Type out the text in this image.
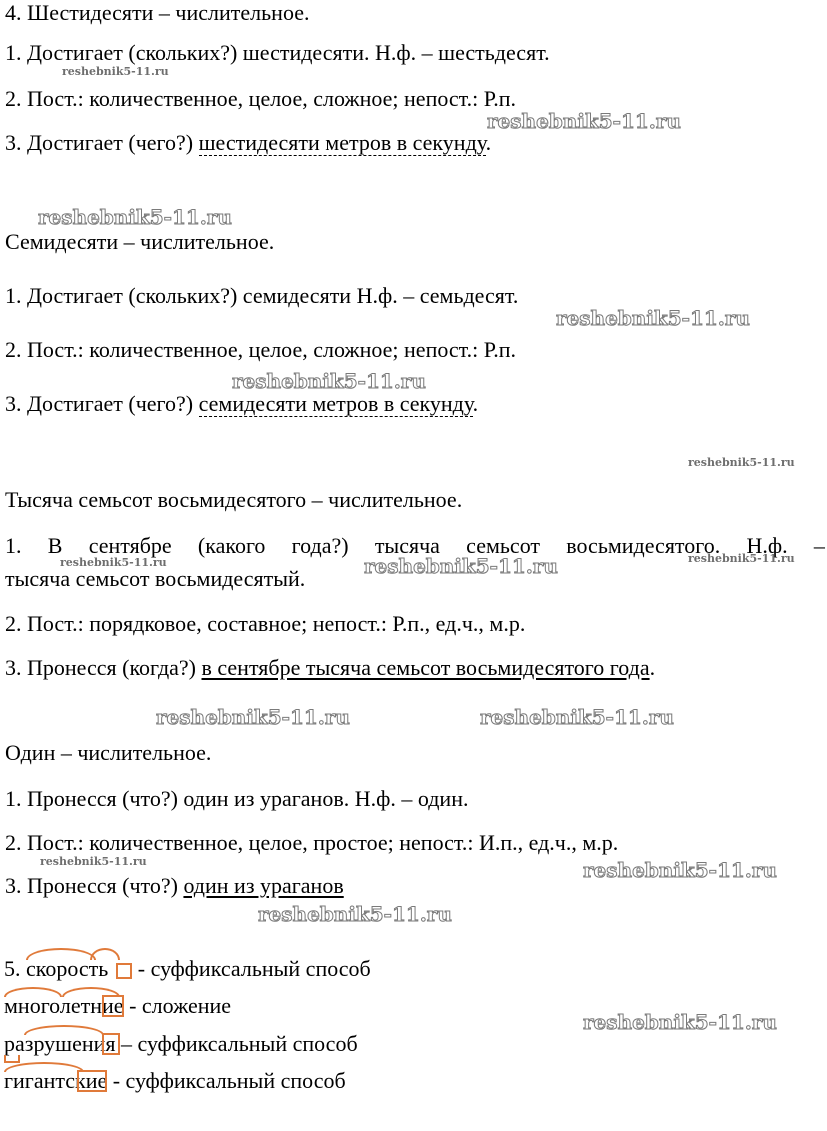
4. Шестидесяти – числительное.
1. Достигает (скольких?) шестидесяти. Н.ф. – шестьдесят.
2. Пост.: количественное, целое, сложное; непост.: Р.п.
3. Достигает (чего?) шестидесяти метров в секунду.
Семидесяти – числительное.
1. Достигает (скольких?) семидесяти Н.ф. – семьдесят.
2. Пост.: количественное, целое, сложное; непост.: Р.п.
3. Достигает (чего?) семидесяти метров в секунду.
Тысяча семьсот восьмидесятого – числительное.
1. В сентябре (какого года?) тысяча семьсот восьмидесятого. Н.ф. –
тысяча семьсот восьмидесятый.
2. Пост.: порядковое, составное; непост.: Р.п., ед.ч., м.р.
3. Пронесся (когда?) в сентябре тысяча семьсот восьмидесятого года.
Один – числительное.
1. Пронесся (что?) один из ураганов. Н.ф. – один.
2. Пост.: количественное, целое, простое; непост.: И.п., ед.ч., м.р.
3. Пронесся (что?) один из ураганов
5. скорость
- суффиксальный способ
многолетние
- сложение
разрушения
– суффиксальный способ
гигантские
- суффиксальный способ
reshebnik5-11.ru
reshebnik5-11.ru
reshebnik5-11.ru
reshebnik5-11.ru
reshebnik5-11.ru
reshebnik5-11.ru
reshebnik5-11.ru	reshebnik5-11.ru	reshebnik5-11.ru
reshebnik5-11.ru	reshebnik5-11.ru
reshebnik5-11.ru	reshebnik5-11.ru
reshebnik5-11.ru
reshebnik5-11.ru
